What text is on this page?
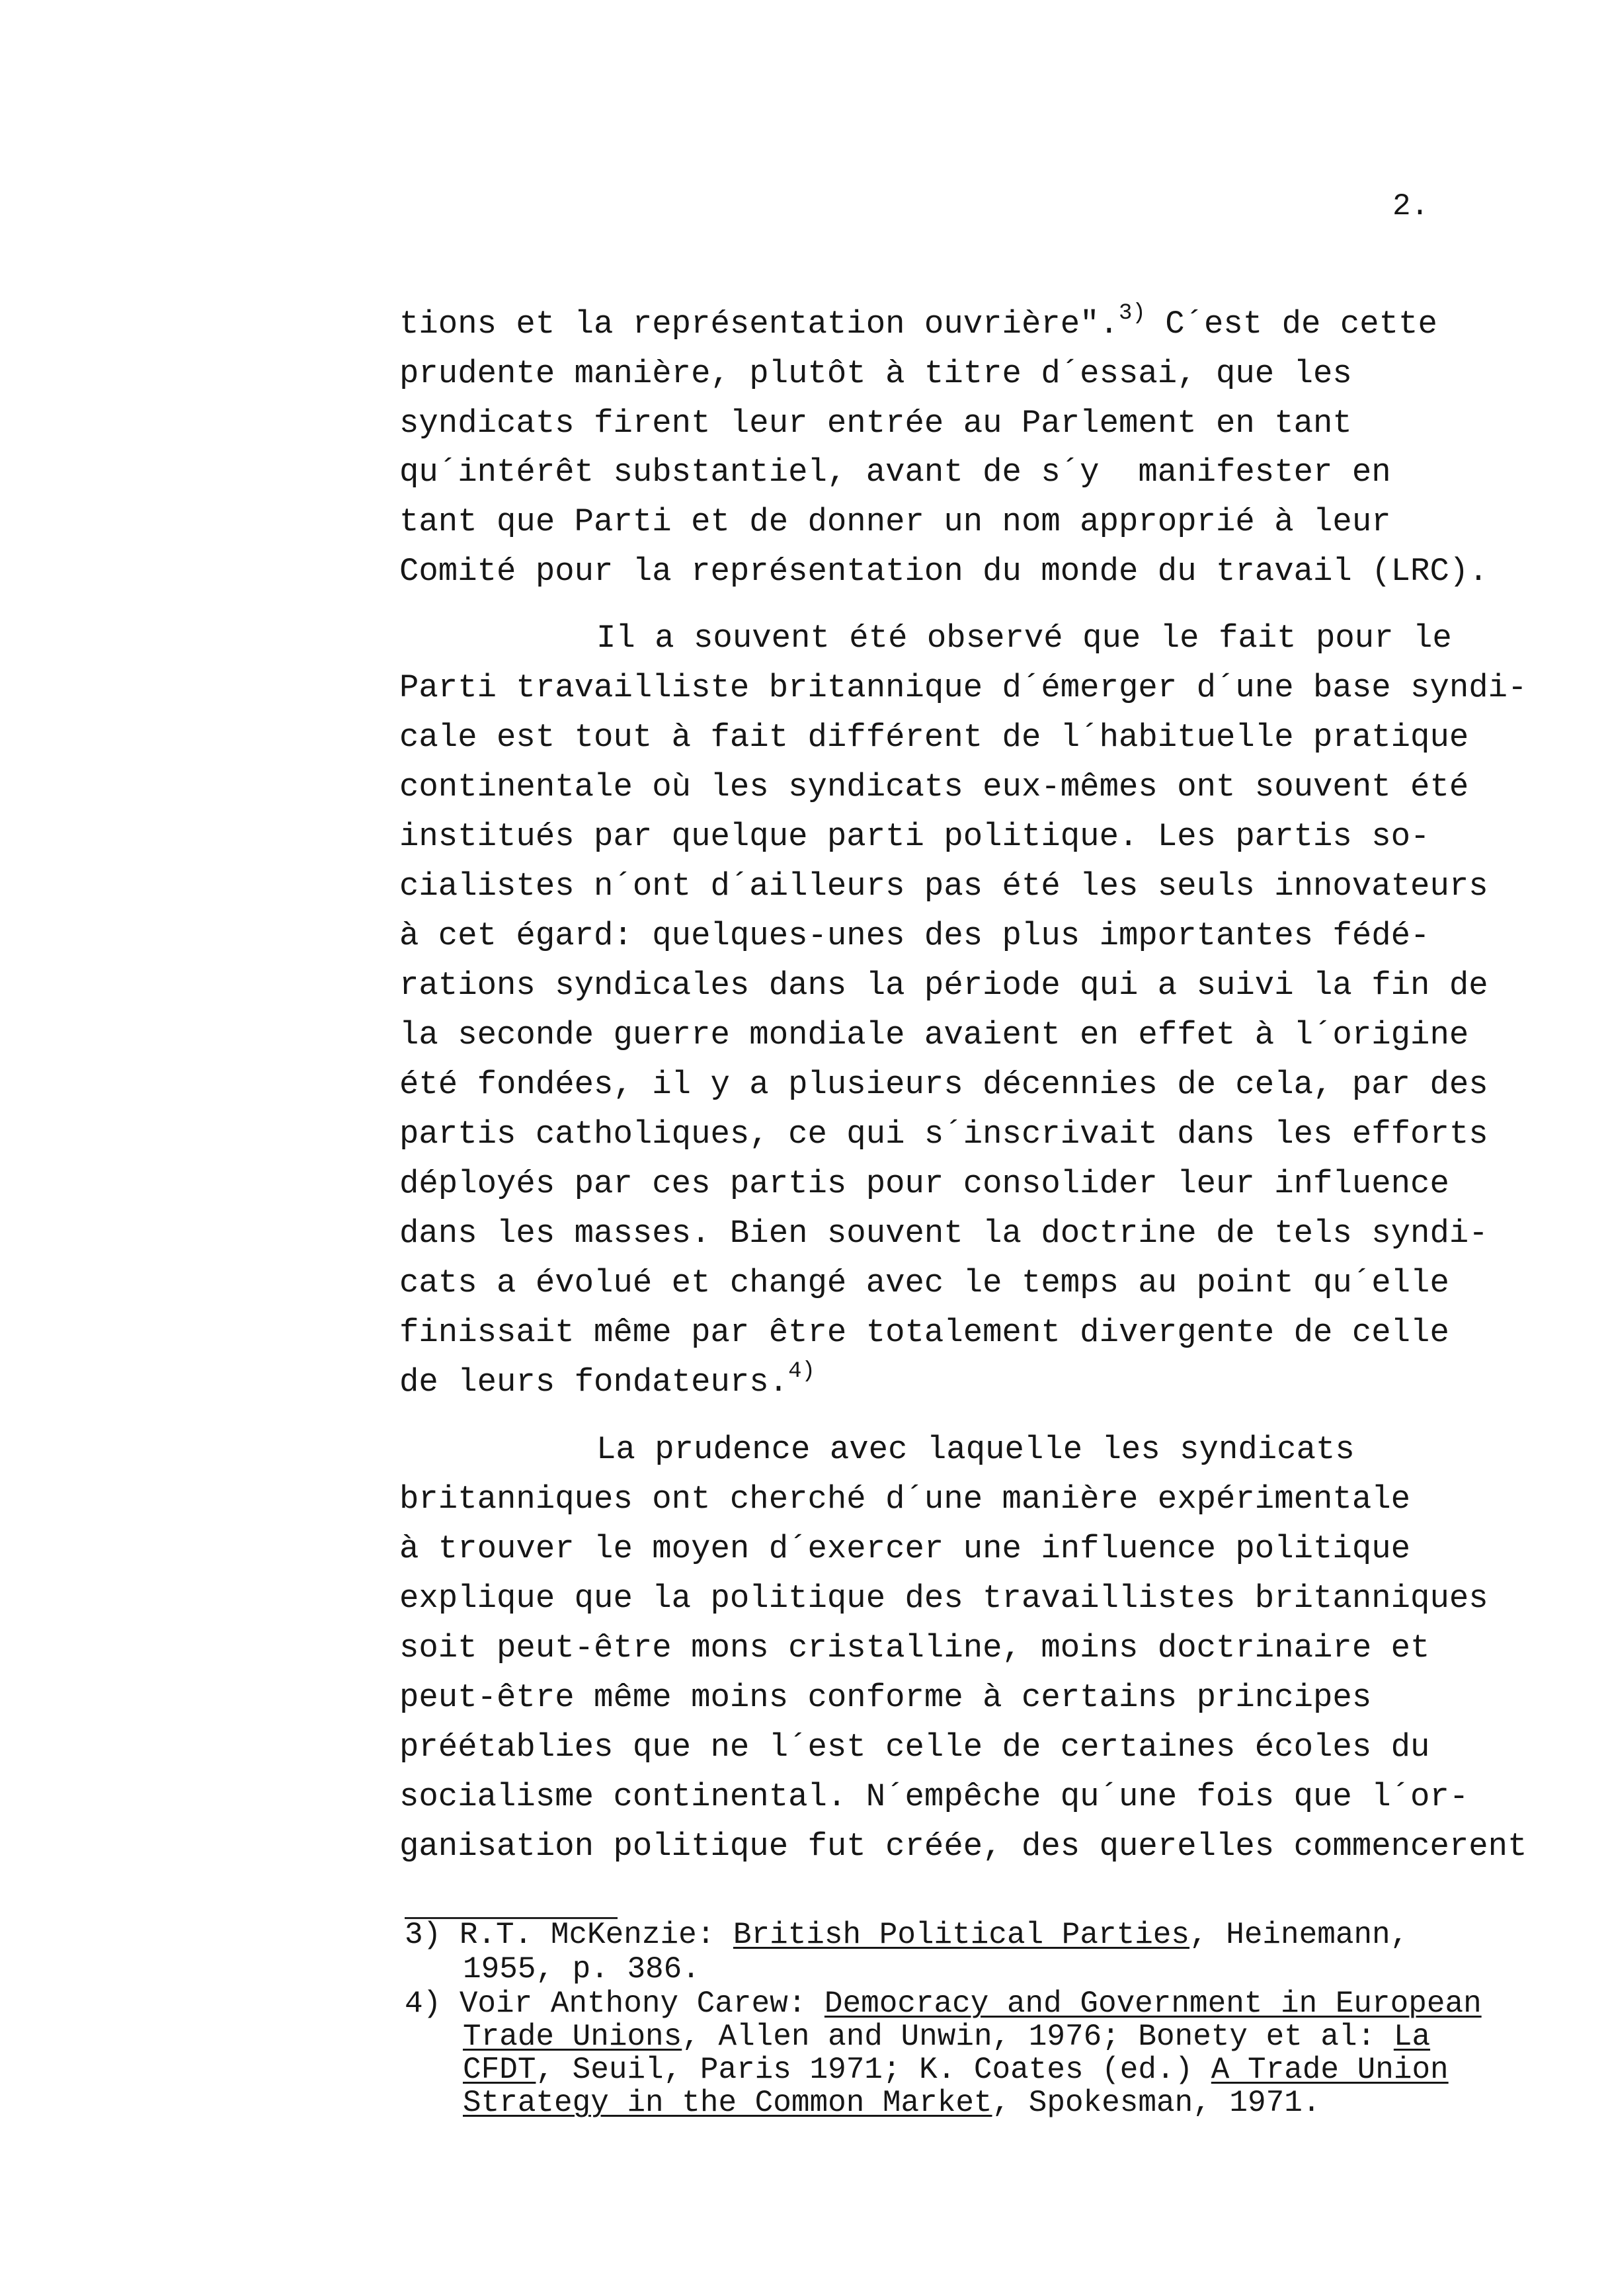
2.
tions et la représentation ouvrière".$^{3)}$ C´est de cette
prudente manière, plutôt à titre d´essai, que les
syndicats firent leur entrée au Parlement en tant
qu´intérêt substantiel, avant de s´y  manifester en
tant que Parti et de donner un nom approprié à leur
Comité pour la représentation du monde du travail (LRC).
Il a souvent été observé que le fait pour le
Parti travailliste britannique d´émerger d´une base syndi-
cale est tout à fait différent de l´habituelle pratique
continentale où les syndicats eux-mêmes ont souvent été
institués par quelque parti politique. Les partis so-
cialistes n´ont d´ailleurs pas été les seuls innovateurs
à cet égard: quelques-unes des plus importantes fédé-
rations syndicales dans la période qui a suivi la fin de
la seconde guerre mondiale avaient en effet à l´origine
été fondées, il y a plusieurs décennies de cela, par des
partis catholiques, ce qui s´inscrivait dans les efforts
déployés par ces partis pour consolider leur influence
dans les masses. Bien souvent la doctrine de tels syndi-
cats a évolué et changé avec le temps au point qu´elle
finissait même par être totalement divergente de celle
de leurs fondateurs.$^{4)}$
La prudence avec laquelle les syndicats
britanniques ont cherché d´une manière expérimentale
à trouver le moyen d´exercer une influence politique
explique que la politique des travaillistes britanniques
soit peut-être mons cristalline, moins doctrinaire et
peut-être même moins conforme à certains principes
préétablies que ne l´est celle de certaines écoles du
socialisme continental. N´empêche qu´une fois que l´or-
ganisation politique fut créée, des querelles commencerent
3) R.T. McKenzie: British Political Parties, Heinemann,
1955, p. 386.
4) Voir Anthony Carew: Democracy and Government in European
Trade Unions, Allen and Unwin, 1976; Bonety et al: La
CFDT, Seuil, Paris 1971; K. Coates (ed.) A Trade Union
Strategy in the Common Market, Spokesman, 1971.
